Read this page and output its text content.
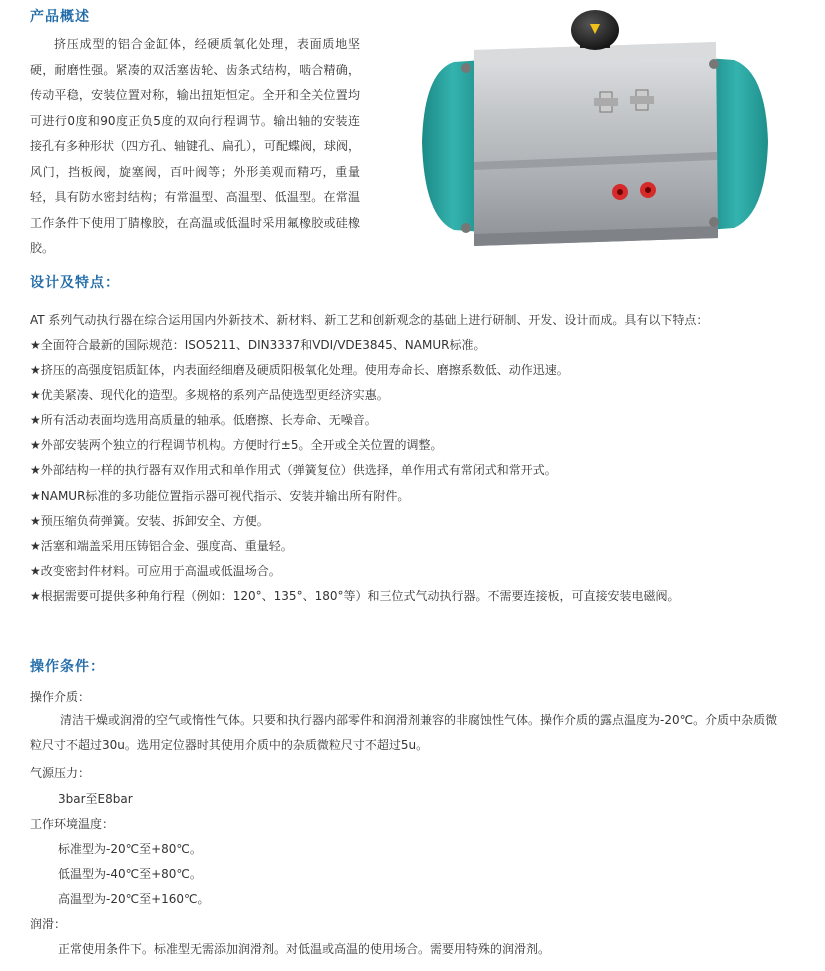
产品概述
挤压成型的铝合金缸体，经硬质氧化处理，表面质地坚硬，耐磨性强。紧凑的双活塞齿轮、齿条式结构，啮合精确，传动平稳，安装位置对称，输出扭矩恒定。全开和全关位置均可进行0度和90度正负5度的双向行程调节。输出轴的安装连接孔有多种形状（四方孔、轴键孔、扁孔），可配蝶阀，球阀，风门，挡板阀，旋塞阀，百叶阀等；外形美观而精巧，重量轻，具有防水密封结构；有常温型、高温型、低温型。在常温工作条件下使用丁腈橡胶，在高温或低温时采用氟橡胶或硅橡胶。
设计及特点：
AT 系列气动执行器在综合运用国内外新技术、新材料、新工艺和创新观念的基础上进行研制、开发、设计而成。具有以下特点：
★全面符合最新的国际规范：ISO5211、DIN3337和VDI/VDE3845、NAMUR标准。
★挤压的高强度铝质缸体，内表面经细磨及硬质阳极氧化处理。使用寿命长、磨擦系数低、动作迅速。
★优美紧凑、现代化的造型。多规格的系列产品使选型更经济实惠。
★所有活动表面均选用高质量的轴承。低磨擦、长寿命、无噪音。
★外部安装两个独立的行程调节机构。方便时行±5。全开或全关位置的调整。
★外部结构一样的执行器有双作用式和单作用式（弹簧复位）供选择，单作用式有常闭式和常开式。
★NAMUR标准的多功能位置指示器可视代指示、安装并输出所有附件。
★预压缩负荷弹簧。安装、拆卸安全、方便。
★活塞和端盖采用压铸铝合金、强度高、重量轻。
★改变密封件材料。可应用于高温或低温场合。
★根据需要可提供多种角行程（例如：120°、135°、180°等）和三位式气动执行器。不需要连接板，可直接安装电磁阀。
操作条件：
操作介质：
清洁干燥或润滑的空气或惰性气体。只要和执行器内部零件和润滑剂兼容的非腐蚀性气体。操作介质的露点温度为-20℃。介质中杂质微粒尺寸不超过30u。选用定位器时其使用介质中的杂质微粒尺寸不超过5u。
气源压力：
3bar至E8bar
工作环境温度：
标准型为-20℃至+80℃。
低温型为-40℃至+80℃。
高温型为-20℃至+160℃。
润滑：
正常使用条件下。标准型无需添加润滑剂。对低温或高温的使用场合。需要用特殊的润滑剂。
